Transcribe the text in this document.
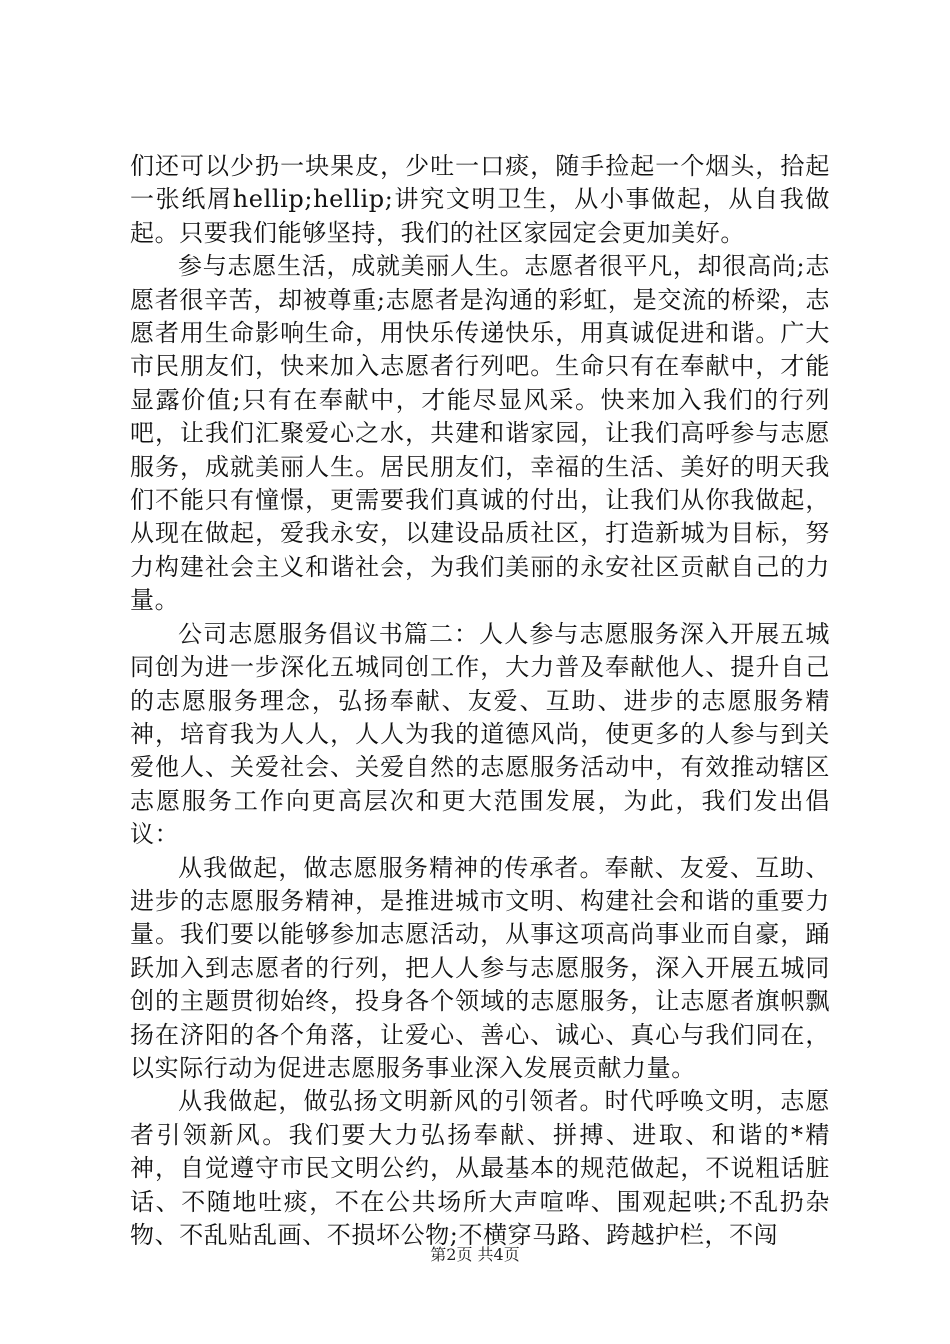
们还可以少扔一块果皮，少吐一口痰，随手捡起一个烟头，拾起一张纸屑hellip;hellip;讲究文明卫生，从小事做起，从自我做起。只要我们能够坚持，我们的社区家园定会更加美好。

参与志愿生活，成就美丽人生。志愿者很平凡，却很高尚;志愿者很辛苦，却被尊重;志愿者是沟通的彩虹，是交流的桥梁，志愿者用生命影响生命，用快乐传递快乐，用真诚促进和谐。广大市民朋友们，快来加入志愿者行列吧。生命只有在奉献中，才能显露价值;只有在奉献中，才能尽显风采。快来加入我们的行列吧，让我们汇聚爱心之水，共建和谐家园，让我们高呼参与志愿服务，成就美丽人生。居民朋友们，幸福的生活、美好的明天我们不能只有憧憬，更需要我们真诚的付出，让我们从你我做起，从现在做起，爱我永安，以建设品质社区，打造新城为目标，努力构建社会主义和谐社会，为我们美丽的永安社区贡献自己的力量。

公司志愿服务倡议书篇二：人人参与志愿服务深入开展五城同创为进一步深化五城同创工作，大力普及奉献他人、提升自己的志愿服务理念，弘扬奉献、友爱、互助、进步的志愿服务精神，培育我为人人，人人为我的道德风尚，使更多的人参与到关爱他人、关爱社会、关爱自然的志愿服务活动中，有效推动辖区志愿服务工作向更高层次和更大范围发展，为此，我们发出倡议：

从我做起，做志愿服务精神的传承者。奉献、友爱、互助、进步的志愿服务精神，是推进城市文明、构建社会和谐的重要力量。我们要以能够参加志愿活动，从事这项高尚事业而自豪，踊跃加入到志愿者的行列，把人人参与志愿服务，深入开展五城同创的主题贯彻始终，投身各个领域的志愿服务，让志愿者旗帜飘扬在济阳的各个角落，让爱心、善心、诚心、真心与我们同在，以实际行动为促进志愿服务事业深入发展贡献力量。

从我做起，做弘扬文明新风的引领者。时代呼唤文明，志愿者引领新风。我们要大力弘扬奉献、拼搏、进取、和谐的*精神，自觉遵守市民文明公约，从最基本的规范做起，不说粗话脏话、不随地吐痰，不在公共场所大声喧哗、围观起哄;不乱扔杂物、不乱贴乱画、不损坏公物;不横穿马路、跨越护栏，不闯

第2页 共4页
